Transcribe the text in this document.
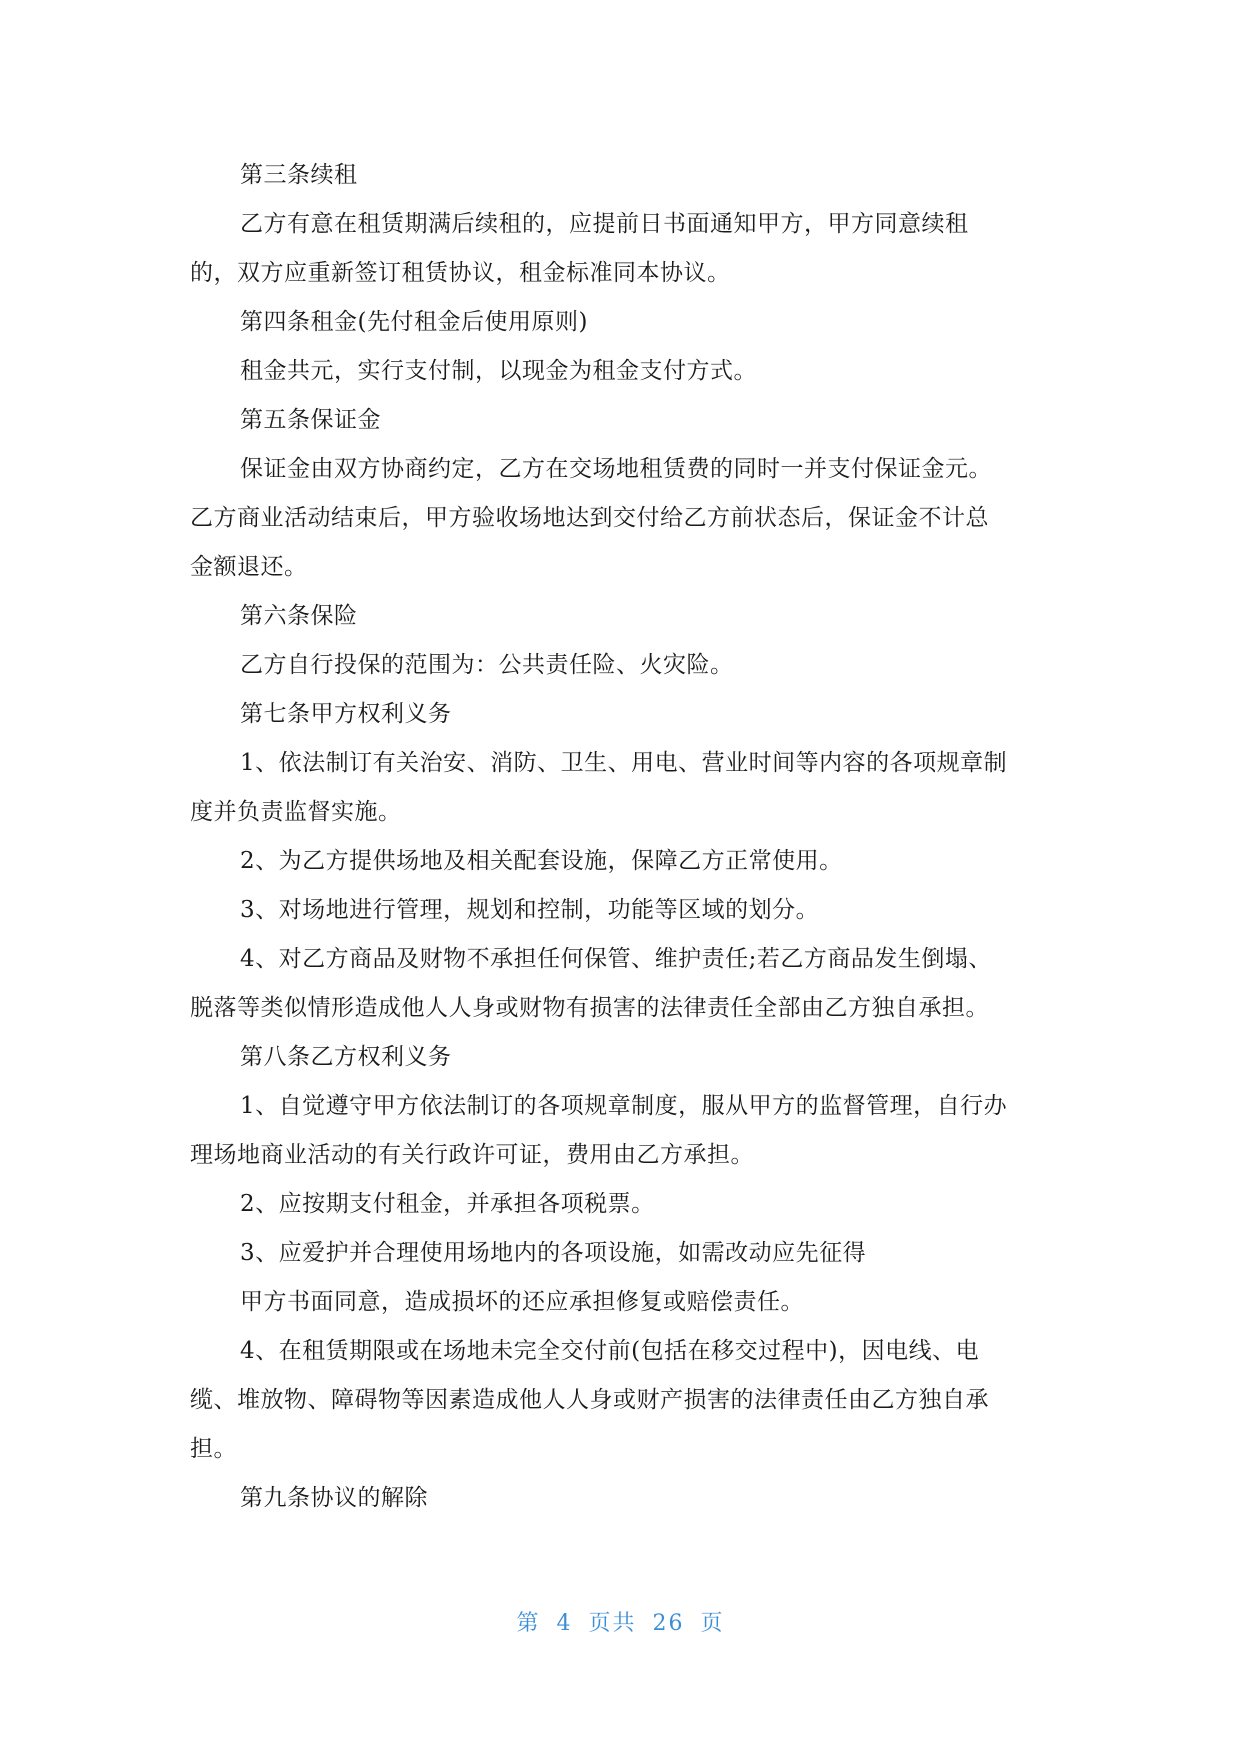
第三条续租
乙方有意在租赁期满后续租的，应提前日书面通知甲方，甲方同意续租
的，双方应重新签订租赁协议，租金标准同本协议。
第四条租金(先付租金后使用原则)
租金共元，实行支付制，以现金为租金支付方式。
第五条保证金
保证金由双方协商约定，乙方在交场地租赁费的同时一并支付保证金元。
乙方商业活动结束后，甲方验收场地达到交付给乙方前状态后，保证金不计总
金额退还。
第六条保险
乙方自行投保的范围为：公共责任险、火灾险。
第七条甲方权利义务
1、依法制订有关治安、消防、卫生、用电、营业时间等内容的各项规章制
度并负责监督实施。
2、为乙方提供场地及相关配套设施，保障乙方正常使用。
3、对场地进行管理，规划和控制，功能等区域的划分。
4、对乙方商品及财物不承担任何保管、维护责任;若乙方商品发生倒塌、
脱落等类似情形造成他人人身或财物有损害的法律责任全部由乙方独自承担。
第八条乙方权利义务
1、自觉遵守甲方依法制订的各项规章制度，服从甲方的监督管理，自行办
理场地商业活动的有关行政许可证，费用由乙方承担。
2、应按期支付租金，并承担各项税票。
3、应爱护并合理使用场地内的各项设施，如需改动应先征得
甲方书面同意，造成损坏的还应承担修复或赔偿责任。
4、在租赁期限或在场地未完全交付前(包括在移交过程中)，因电线、电
缆、堆放物、障碍物等因素造成他人人身或财产损害的法律责任由乙方独自承
担。
第九条协议的解除
第 4 页共 26 页
